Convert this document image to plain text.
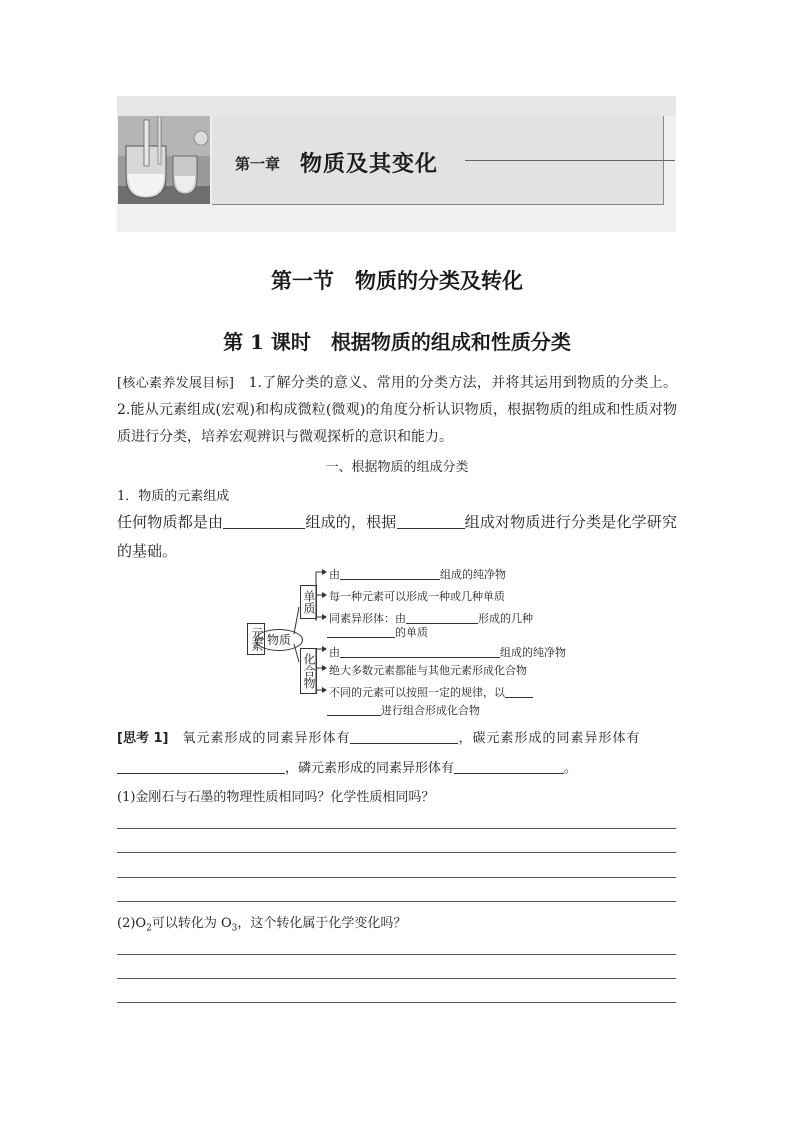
第一章 物质及其变化
第一节　物质的分类及转化
第 1 课时　根据物质的组成和性质分类
[核心素养发展目标]　1.了解分类的意义、常用的分类方法，并将其运用到物质的分类上。2.能从元素组成(宏观)和构成微粒(微观)的角度分析认识物质，根据物质的组成和性质对物质进行分类，培养宏观辨识与微观探析的意识和能力。
一、根据物质的组成分类
1．物质的元素组成
任何物质都是由	组成的，根据	组成对物质进行分类是化学研究的基础。
元素 物质
单质
化合物
由	组成的纯净物
每一种元素可以形成一种或几种单质
同素异形体：由	形成的几种
的单质
由	组成的纯净物
绝大多数元素都能与其他元素形成化合物
不同的元素可以按照一定的规律，以
进行组合形成化合物
[思考 1]　氧元素形成的同素异形体有	，碳元素形成的同素异形体有
，磷元素形成的同素异形体有	。
(1)金刚石与石墨的物理性质相同吗？化学性质相同吗？
$(2)O_2$可以转化为 $O_3$，这个转化属于化学变化吗？
